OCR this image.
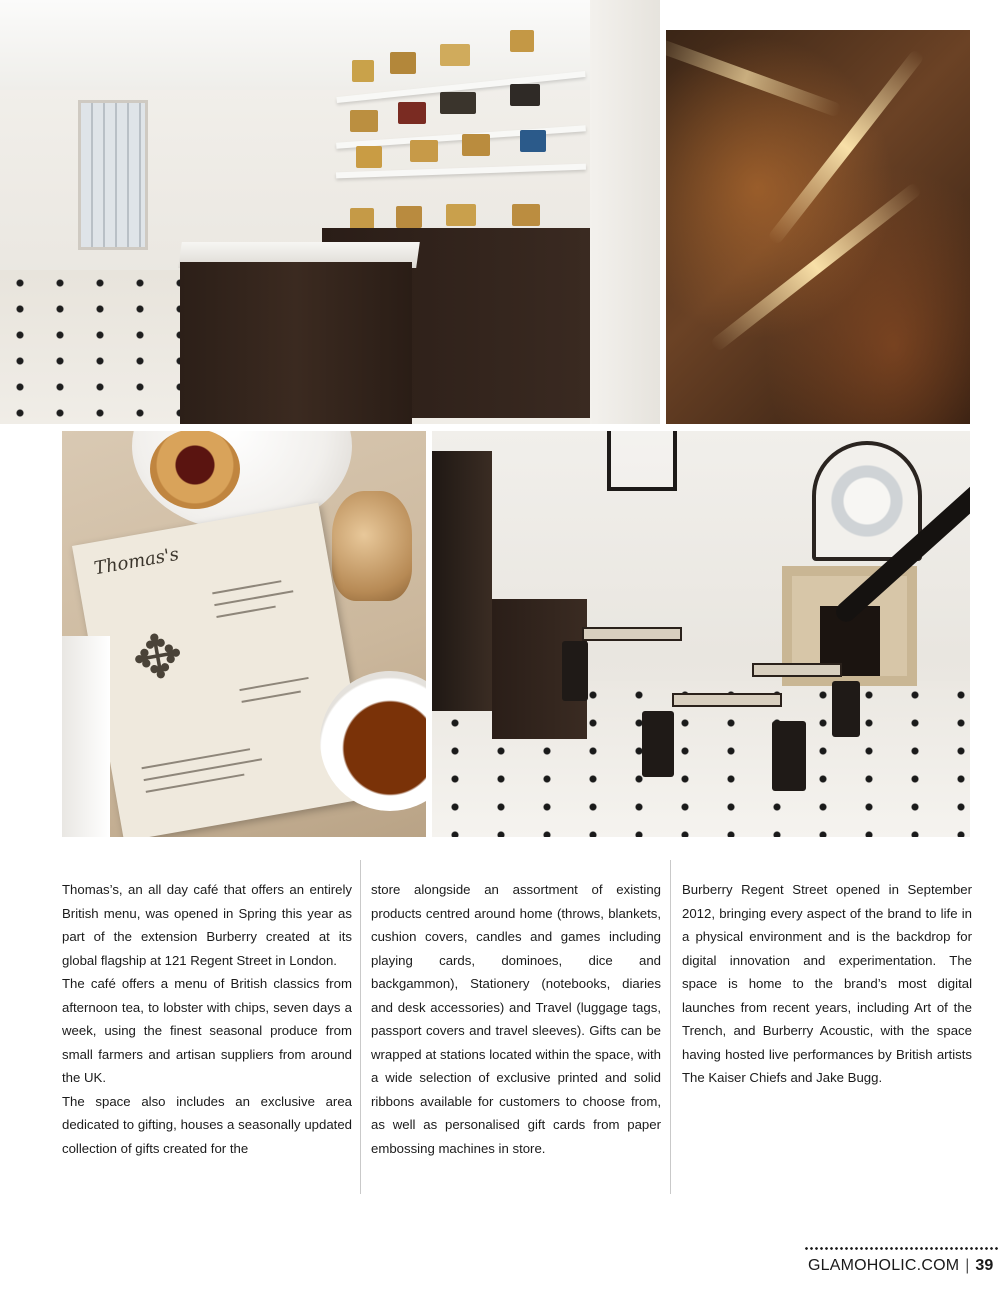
Thomas's
✥

Thomas’s, an all day café that offers an entirely British menu, was opened in Spring this year as part of the extension Burberry created at its global flagship at 121 Regent Street in London.

The café offers a menu of British classics from afternoon tea, to lobster with chips, seven days a week, using the finest seasonal produce from small farmers and artisan suppliers from around the UK.

The space also includes an exclusive area dedicated to gifting, houses a seasonally updated collection of gifts created for the

store alongside an assortment of existing products centred around home (throws, blankets, cushion covers, candles and games including playing cards, dominoes, dice and backgammon), Stationery (notebooks, diaries and desk accessories) and Travel (luggage tags, passport covers and travel sleeves). Gifts can be wrapped at stations located within the space, with a wide selection of exclusive printed and solid ribbons available for customers to choose from, as well as personalised gift cards from paper embossing machines in store.

Burberry Regent Street opened in September 2012, bringing every aspect of the brand to life in a physical environment and is the backdrop for digital innovation and experimentation. The space is home to the brand’s most digital launches from recent years, including Art of the Trench, and Burberry Acoustic, with the space having hosted live performances by British artists The Kaiser Chiefs and Jake Bugg.

GLAMOHOLIC.COM | 39
